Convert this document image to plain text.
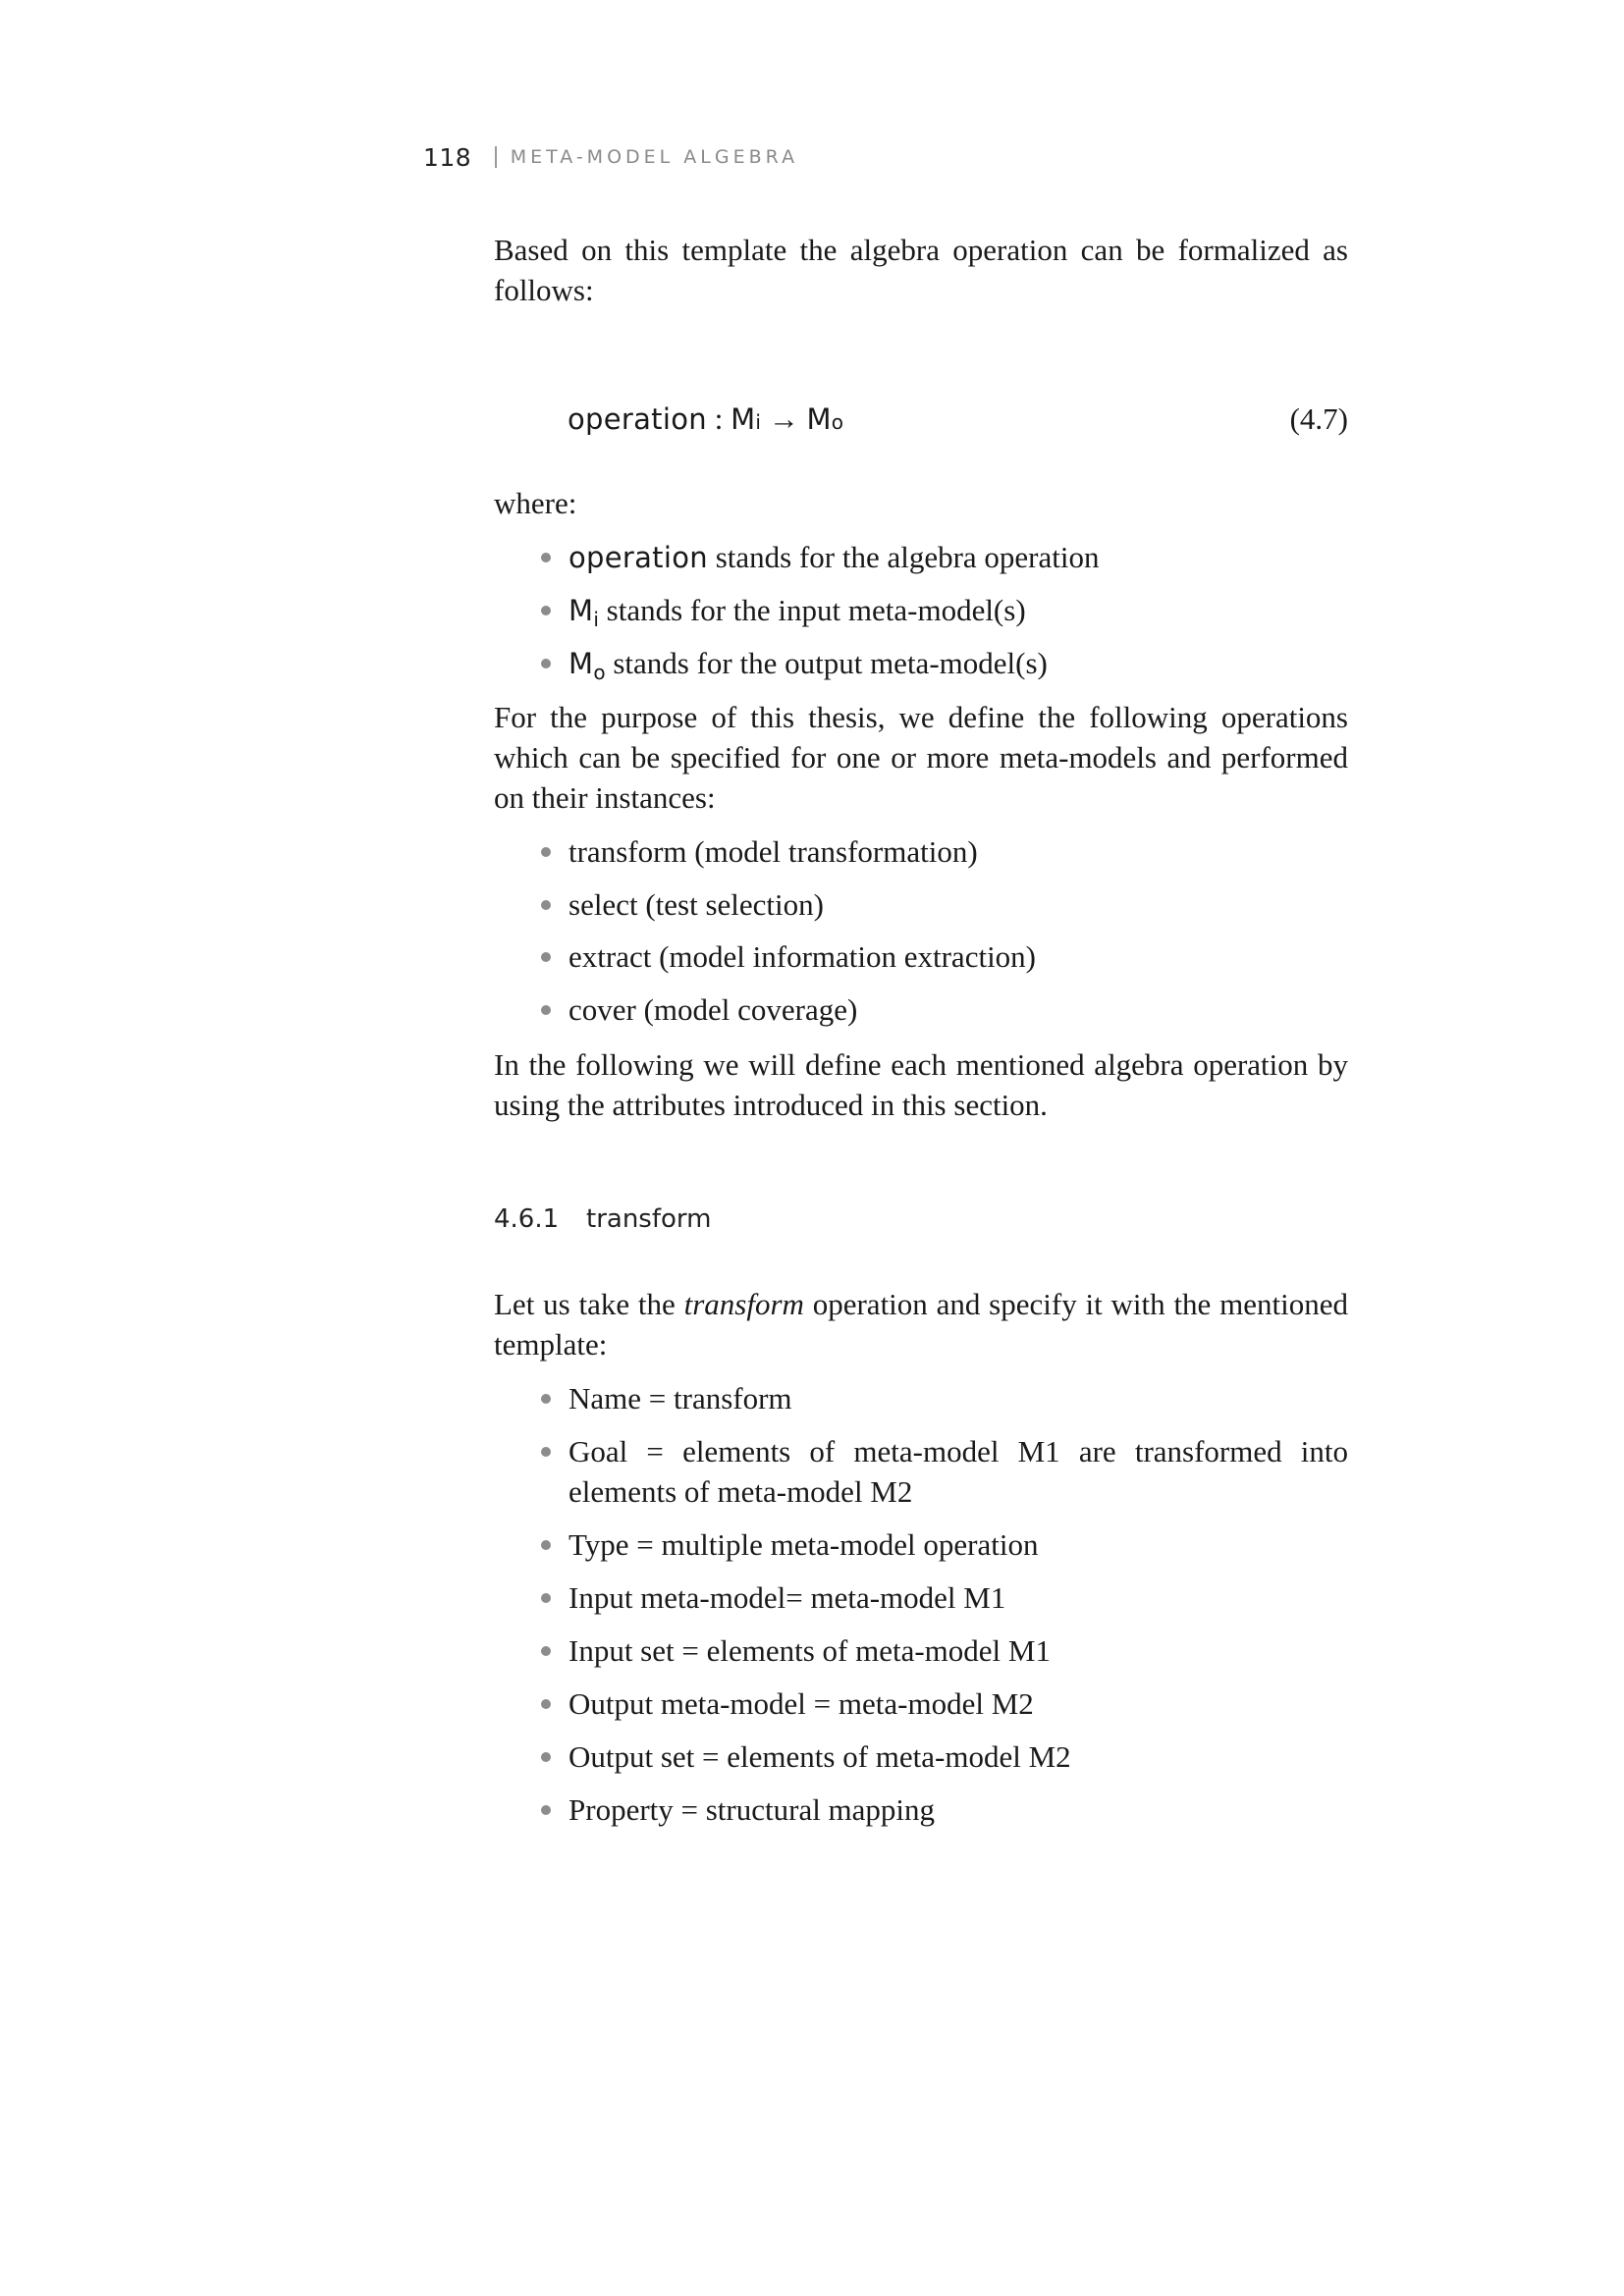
118 META-MODEL ALGEBRA

Based on this template the algebra operation can be formalized as follows:

operation : M i → M o	(4.7)

where:

operation stands for the algebra operation
$M_i$ stands for the input meta-model(s)
$M_o$ stands for the output meta-model(s)

For the purpose of this thesis, we define the following operations which can be specified for one or more meta-models and performed on their instances:

transform (model transformation)
select (test selection)
extract (model information extraction)
cover (model coverage)

In the following we will define each mentioned algebra operation by using the attributes introduced in this section.

4.6.1	transform

Let us take the transform operation and specify it with the mentioned template:

Name = transform
Goal = elements of meta-model M1 are transformed into elements of meta-model M2
Type = multiple meta-model operation
Input meta-model= meta-model M1
Input set = elements of meta-model M1
Output meta-model = meta-model M2
Output set = elements of meta-model M2
Property = structural mapping
